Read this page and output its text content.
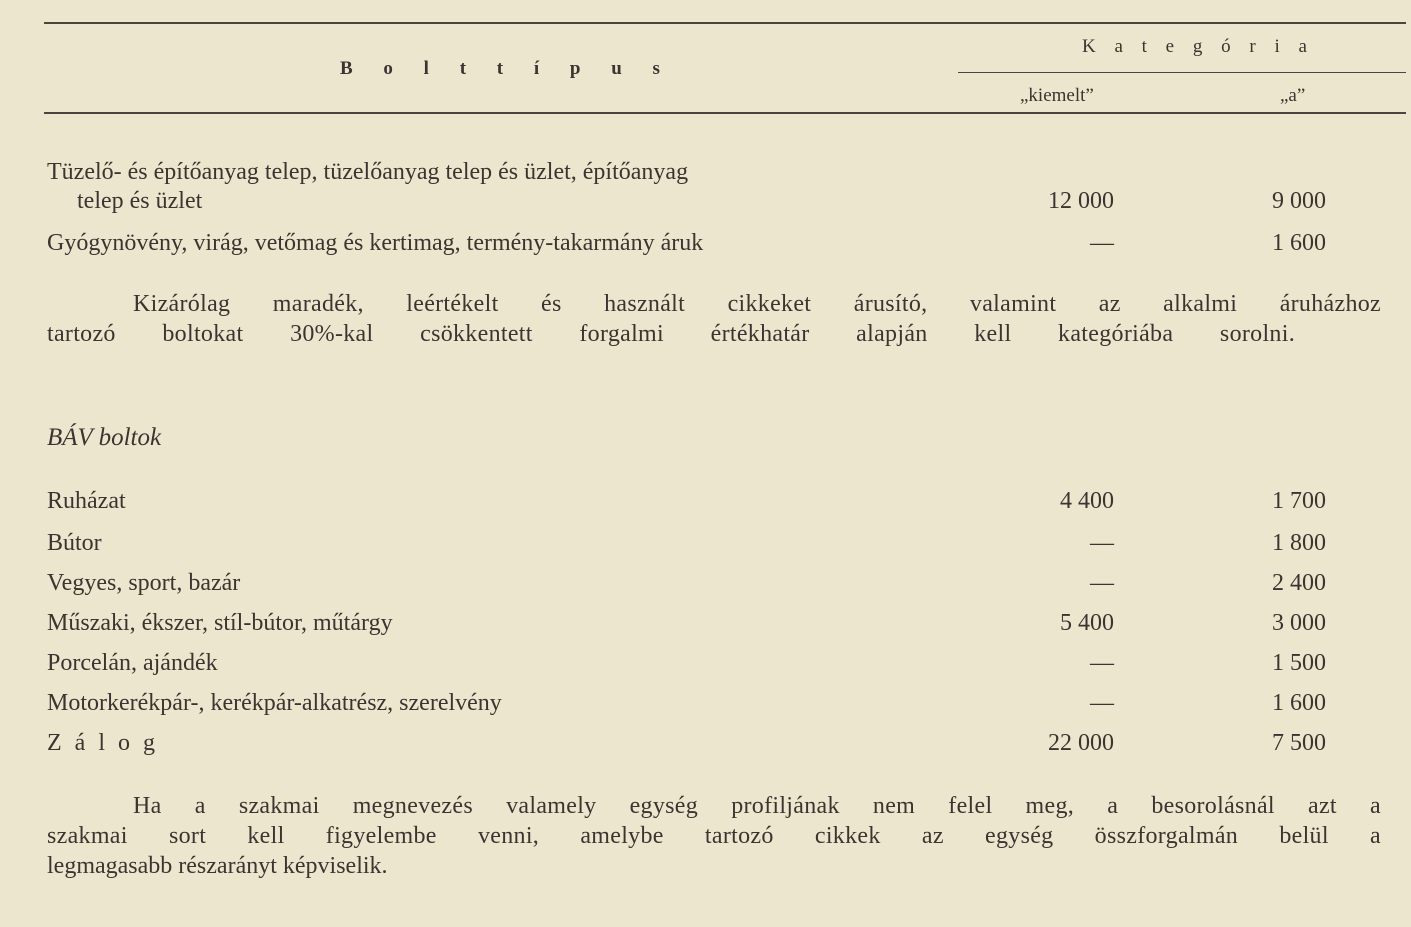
B o l t t í p u s
K a t e g ó r i a
„kiemelt”	„a”
Tüzelő- és építőanyag telep, tüzelőanyag telep és üzlet, építőanyag
telep és üzlet	12 000	9 000
Gyógynövény, virág, vetőmag és kertimag, termény-takarmány áruk	—	1 600
Kizárólag maradék, leértékelt és használt cikkeket árusító, valamint az alkalmi áruházhoz
tartozó boltokat 30%-kal csökkentett forgalmi értékhatár alapján kell kategóriába sorolni.
BÁV boltok
Ruházat	4 400	1 700
Bútor	—	1 800
Vegyes, sport, bazár	—	2 400
Műszaki, ékszer, stíl-bútor, műtárgy	5 400	3 000
Porcelán, ajándék	—	1 500
Motorkerékpár-, kerékpár-alkatrész, szerelvény	—	1 600
Zálog	22 000	7 500
Ha a szakmai megnevezés valamely egység profiljának nem felel meg, a besorolásnál azt a
szakmai sort kell figyelembe venni, amelybe tartozó cikkek az egység összforgalmán belül a
legmagasabb részarányt képviselik.
